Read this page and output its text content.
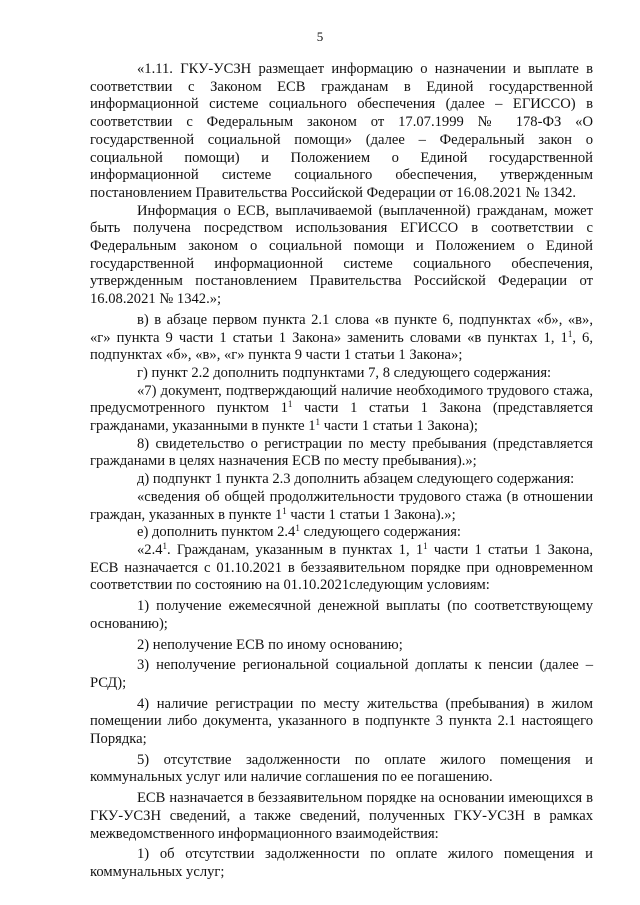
5

«1.11. ГКУ-УСЗН размещает информацию о назначении и выплате в соответствии с Законом ЕСВ гражданам в Единой государственной информационной системе социального обеспечения (далее – ЕГИССО) в соответствии с Федеральным законом от 17.07.1999 № 178-ФЗ «О государственной социальной помощи» (далее – Федеральный закон о социальной помощи) и Положением о Единой государственной информационной системе социального обеспечения, утвержденным постановлением Правительства Российской Федерации от 16.08.2021 № 1342.

Информация о ЕСВ, выплачиваемой (выплаченной) гражданам, может быть получена посредством использования ЕГИССО в соответствии с Федеральным законом о социальной помощи и Положением о Единой государственной информационной системе социального обеспечения, утвержденным постановлением Правительства Российской Федерации от 16.08.2021 № 1342.»;

в) в абзаце первом пункта 2.1 слова «в пункте 6, подпунктах «б», «в», «г» пункта 9 части 1 статьи 1 Закона» заменить словами «в пунктах 1, $1^1$, 6, подпунктах «б», «в», «г» пункта 9 части 1 статьи 1 Закона»;

г) пункт 2.2 дополнить подпунктами 7, 8 следующего содержания:

«7) документ, подтверждающий наличие необходимого трудового стажа, предусмотренного пунктом $1^1$ части 1 статьи 1 Закона (представляется гражданами, указанными в пункте $1^1$ части 1 статьи 1 Закона);

8) свидетельство о регистрации по месту пребывания (представляется гражданами в целях назначения ЕСВ по месту пребывания).»;

д) подпункт 1 пункта 2.3 дополнить абзацем следующего содержания:

«сведения об общей продолжительности трудового стажа (в отношении граждан, указанных в пункте $1^1$ части 1 статьи 1 Закона).»;

е) дополнить пунктом $2.4^1$ следующего содержания:

«$2.4^1$. Гражданам, указанным в пунктах 1, $1^1$ части 1 статьи 1 Закона, ЕСВ назначается с 01.10.2021 в беззаявительном порядке при одновременном соответствии по состоянию на 01.10.2021следующим условиям:

1) получение ежемесячной денежной выплаты (по соответствующему основанию);

2) неполучение ЕСВ по иному основанию;

3) неполучение региональной социальной доплаты к пенсии (далее – РСД);

4) наличие регистрации по месту жительства (пребывания) в жилом помещении либо документа, указанного в подпункте 3 пункта 2.1 настоящего Порядка;

5) отсутствие задолженности по оплате жилого помещения и коммунальных услуг или наличие соглашения по ее погашению.

ЕСВ назначается в беззаявительном порядке на основании имеющихся в ГКУ-УСЗН сведений, а также сведений, полученных ГКУ-УСЗН в рамках межведомственного информационного взаимодействия:

1) об отсутствии задолженности по оплате жилого помещения и коммунальных услуг;
